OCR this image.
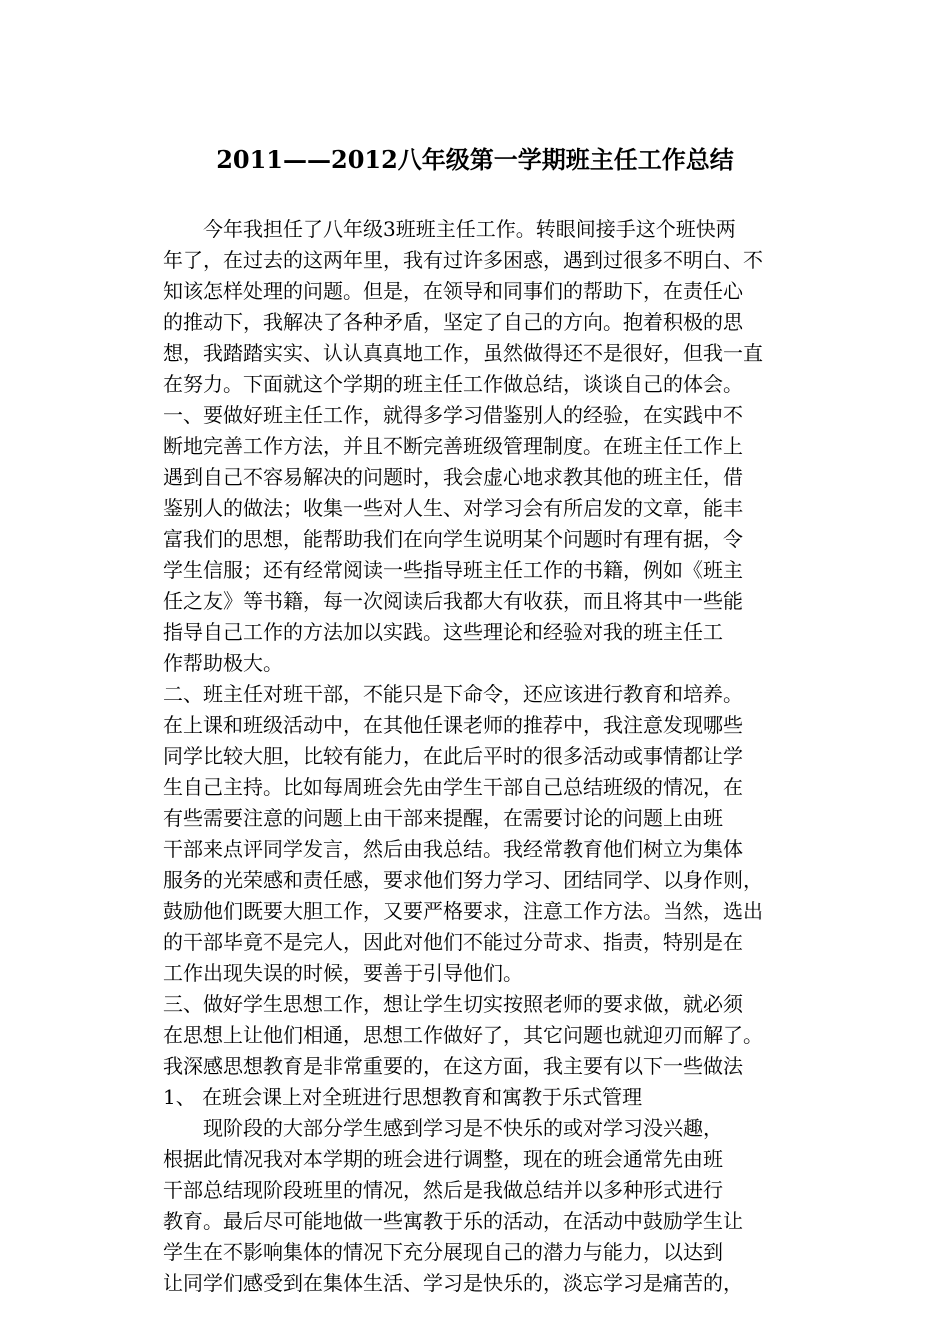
2011——2012八年级第一学期班主任工作总结
今年我担任了八年级3班班主任工作。转眼间接手这个班快两
年了，在过去的这两年里，我有过许多困惑，遇到过很多不明白、不
知该怎样处理的问题。但是，在领导和同事们的帮助下，在责任心
的推动下，我解决了各种矛盾，坚定了自己的方向。抱着积极的思
想，我踏踏实实、认认真真地工作，虽然做得还不是很好，但我一直
在努力。下面就这个学期的班主任工作做总结，谈谈自己的体会。
一、要做好班主任工作，就得多学习借鉴别人的经验，在实践中不
断地完善工作方法，并且不断完善班级管理制度。在班主任工作上
遇到自己不容易解决的问题时，我会虚心地求教其他的班主任，借
鉴别人的做法；收集一些对人生、对学习会有所启发的文章，能丰
富我们的思想，能帮助我们在向学生说明某个问题时有理有据，令
学生信服；还有经常阅读一些指导班主任工作的书籍，例如《班主
任之友》等书籍，每一次阅读后我都大有收获，而且将其中一些能
指导自己工作的方法加以实践。这些理论和经验对我的班主任工
作帮助极大。
二、班主任对班干部，不能只是下命令，还应该进行教育和培养。
在上课和班级活动中，在其他任课老师的推荐中，我注意发现哪些
同学比较大胆，比较有能力，在此后平时的很多活动或事情都让学
生自己主持。比如每周班会先由学生干部自己总结班级的情况，在
有些需要注意的问题上由干部来提醒，在需要讨论的问题上由班
干部来点评同学发言，然后由我总结。我经常教育他们树立为集体
服务的光荣感和责任感，要求他们努力学习、团结同学、以身作则，
鼓励他们既要大胆工作，又要严格要求，注意工作方法。当然，选出
的干部毕竟不是完人，因此对他们不能过分苛求、指责，特别是在
工作出现失误的时候，要善于引导他们。
三、做好学生思想工作，想让学生切实按照老师的要求做，就必须
在思想上让他们相通，思想工作做好了，其它问题也就迎刃而解了。
我深感思想教育是非常重要的，在这方面，我主要有以下一些做法
1、 在班会课上对全班进行思想教育和寓教于乐式管理
现阶段的大部分学生感到学习是不快乐的或对学习没兴趣，
根据此情况我对本学期的班会进行调整，现在的班会通常先由班
干部总结现阶段班里的情况，然后是我做总结并以多种形式进行
教育。最后尽可能地做一些寓教于乐的活动，在活动中鼓励学生让
学生在不影响集体的情况下充分展现自己的潜力与能力，以达到
让同学们感受到在集体生活、学习是快乐的，淡忘学习是痛苦的，
